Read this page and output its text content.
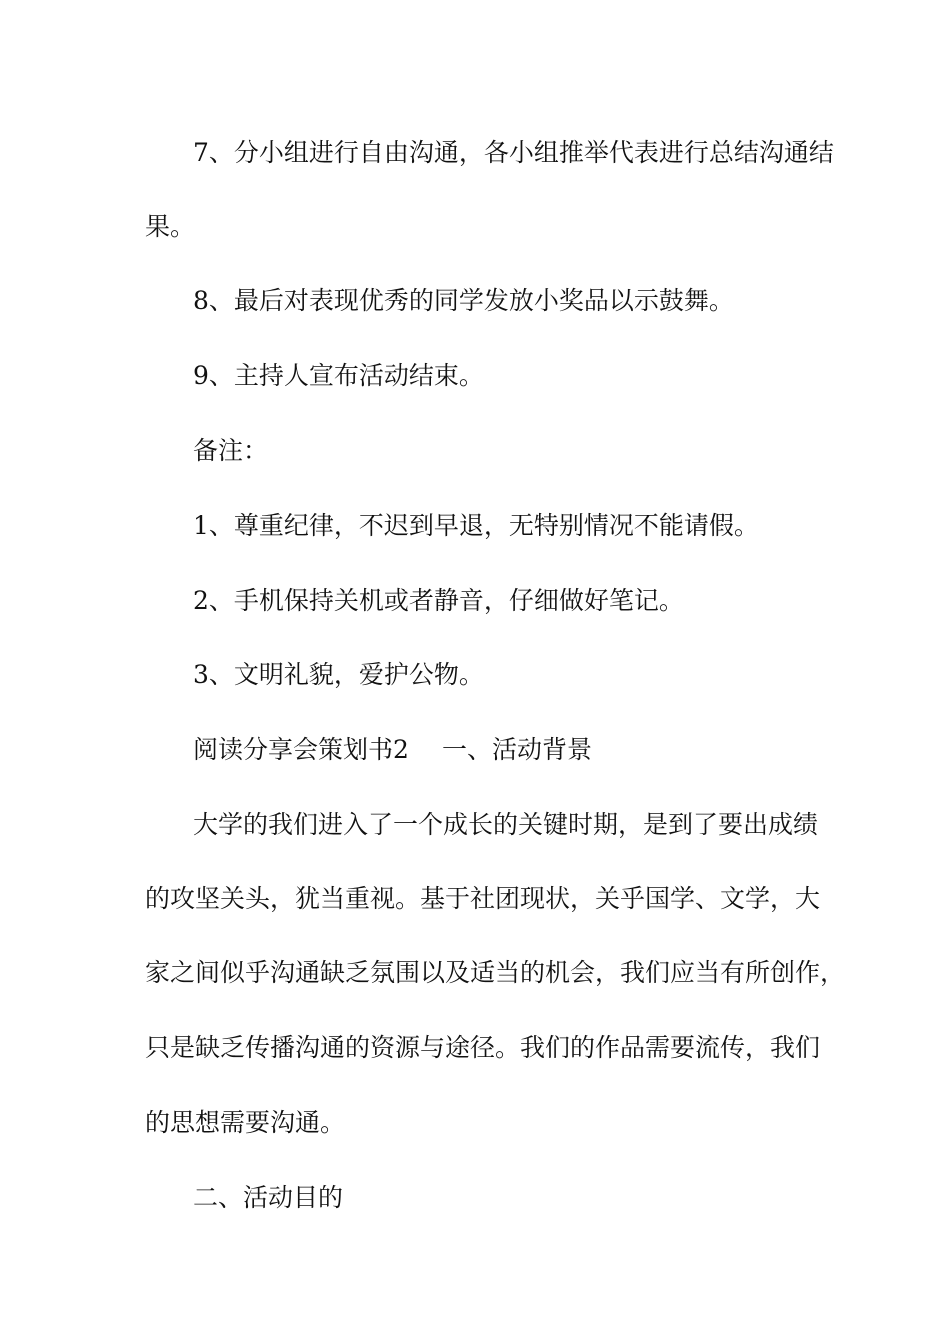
7、分小组进行自由沟通，各小组推举代表进行总结沟通结
果。
8、最后对表现优秀的同学发放小奖品以示鼓舞。
9、主持人宣布活动结束。
备注：
1、尊重纪律，不迟到早退，无特别情况不能请假。
2、手机保持关机或者静音，仔细做好笔记。
3、文明礼貌，爱护公物。
阅读分享会策划书2 一、活动背景
大学的我们进入了一个成长的关键时期，是到了要出成绩
的攻坚关头，犹当重视。基于社团现状，关乎国学、文学，大
家之间似乎沟通缺乏氛围以及适当的机会，我们应当有所创作，
只是缺乏传播沟通的资源与途径。我们的作品需要流传，我们
的思想需要沟通。
二、活动目的
